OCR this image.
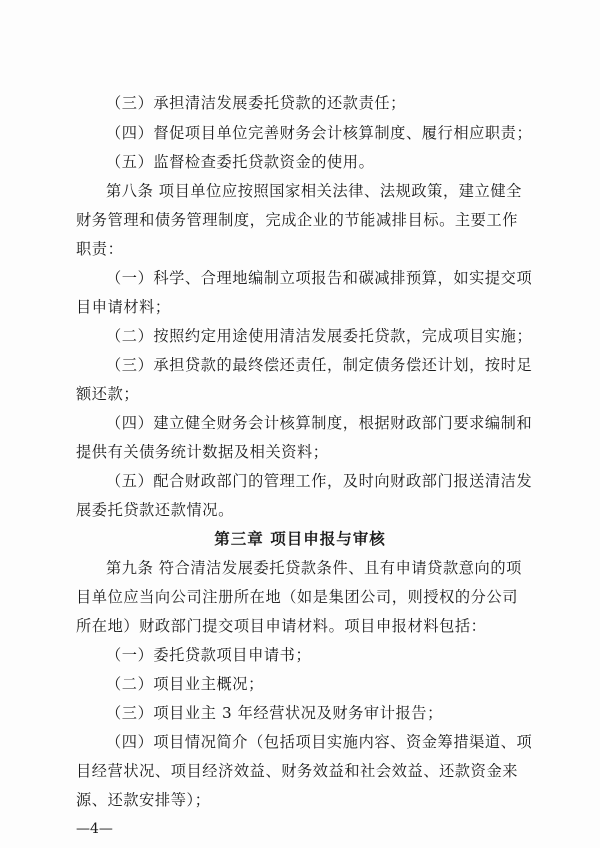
（三）承担清洁发展委托贷款的还款责任；
（四）督促项目单位完善财务会计核算制度、履行相应职责；
（五）监督检查委托贷款资金的使用。
第八条 项目单位应按照国家相关法律、法规政策，建立健全
财务管理和债务管理制度，完成企业的节能减排目标。主要工作
职责：
（一）科学、合理地编制立项报告和碳减排预算，如实提交项
目申请材料；
（二）按照约定用途使用清洁发展委托贷款，完成项目实施；
（三）承担贷款的最终偿还责任，制定债务偿还计划，按时足
额还款；
（四）建立健全财务会计核算制度，根据财政部门要求编制和
提供有关债务统计数据及相关资料；
（五）配合财政部门的管理工作，及时向财政部门报送清洁发
展委托贷款还款情况。
第三章 项目申报与审核
第九条 符合清洁发展委托贷款条件、且有申请贷款意向的项
目单位应当向公司注册所在地（如是集团公司，则授权的分公司
所在地）财政部门提交项目申请材料。项目申报材料包括：
（一）委托贷款项目申请书；
（二）项目业主概况；
（三）项目业主 3 年经营状况及财务审计报告；
（四）项目情况简介（包括项目实施内容、资金筹措渠道、项
目经营状况、项目经济效益、财务效益和社会效益、还款资金来
源、还款安排等）；
—4—
